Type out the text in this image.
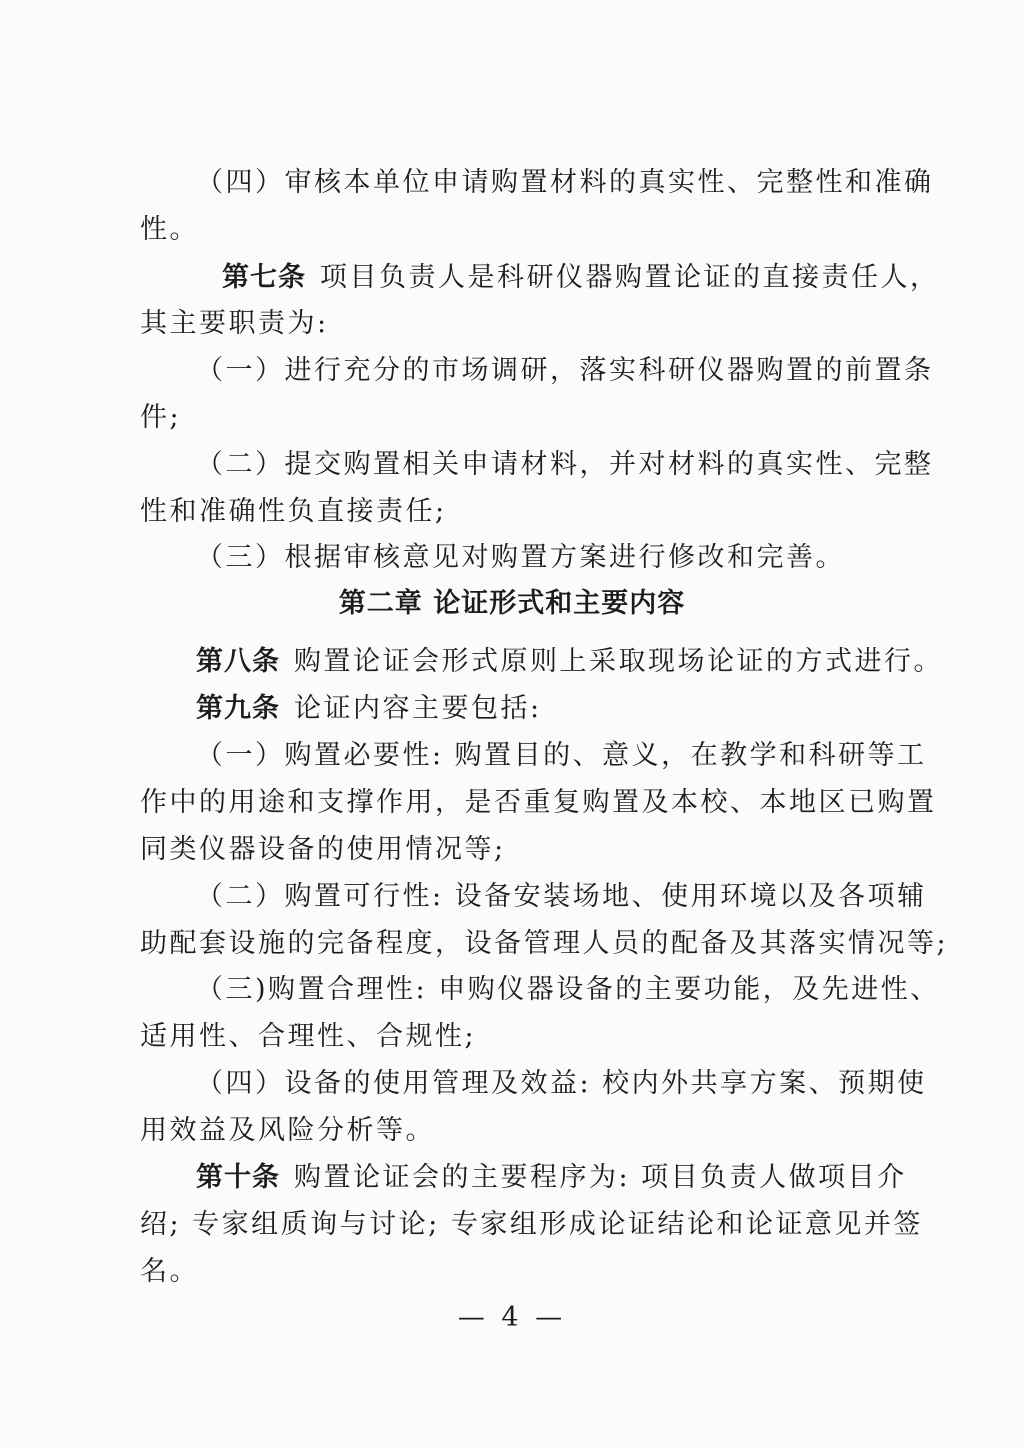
（四）审核本单位申请购置材料的真实性、完整性和准确
性。
第七条 项目负责人是科研仪器购置论证的直接责任人，
其主要职责为:
（一）进行充分的市场调研，落实科研仪器购置的前置条
件;
（二）提交购置相关申请材料，并对材料的真实性、完整
性和准确性负直接责任;
（三）根据审核意见对购置方案进行修改和完善。
第二章 论证形式和主要内容
第八条 购置论证会形式原则上采取现场论证的方式进行。
第九条 论证内容主要包括:
（一）购置必要性: 购置目的、意义，在教学和科研等工
作中的用途和支撑作用，是否重复购置及本校、本地区已购置
同类仪器设备的使用情况等;
（二）购置可行性: 设备安装场地、使用环境以及各项辅
助配套设施的完备程度，设备管理人员的配备及其落实情况等;
（三)购置合理性: 申购仪器设备的主要功能，及先进性、
适用性、合理性、合规性;
（四）设备的使用管理及效益: 校内外共享方案、预期使
用效益及风险分析等。
第十条 购置论证会的主要程序为: 项目负责人做项目介
绍; 专家组质询与讨论; 专家组形成论证结论和论证意见并签
名。
— 4 —
